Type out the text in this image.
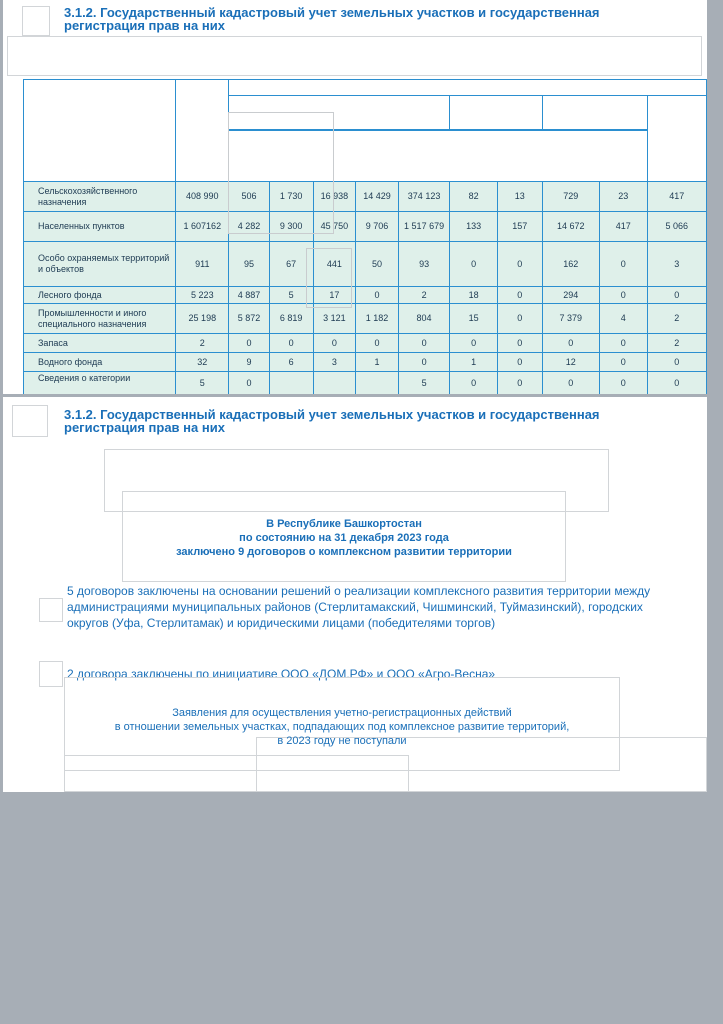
3.1.2. Государственный кадастровый учет земельных участков и государственная регистрация прав на них

Сельскохозяйственного назначения	408 990	506	1 730	16 938	14 429	374 123	82	13	729	23	417
Населенных пунктов	1 607162	4 282	9 300	45 750	9 706	1 517 679	133	157	14 672	417	5 066
Особо охраняемых территорий и объектов	911	95	67	441	50	93	0	0	162	0	3
Лесного фонда	5 223	4 887	5	17	0	2	18	0	294	0	0
Промышленности и иного специального назначения	25 198	5 872	6 819	3 121	1 182	804	15	0	7 379	4	2
Запаса	2	0	0	0	0	0	0	0	0	0	2
Водного фонда	32	9	6	3	1	0	1	0	12	0	0
Сведения о категории	5	0				5	0	0	0	0	0
3.1.2. Государственный кадастровый учет земельных участков и государственная регистрация прав на них
В Республике Башкортостан
по состоянию на 31 декабря 2023 года
заключено 9 договоров о комплексном развитии территории
5 договоров заключены на основании решений о реализации комплексного развития территории между администрациями муниципальных районов (Стерлитамакский, Чишминский, Туймазинский), городских округов (Уфа, Стерлитамак) и юридическими лицами (победителями торгов)
2 договора заключены по инициативе ООО «ДОМ.РФ» и ООО «Агро-Весна»
Заявления для осуществления учетно-регистрационных действий
в отношении земельных участках, подпадающих под комплексное развитие территорий,
в 2023 году не поступали
